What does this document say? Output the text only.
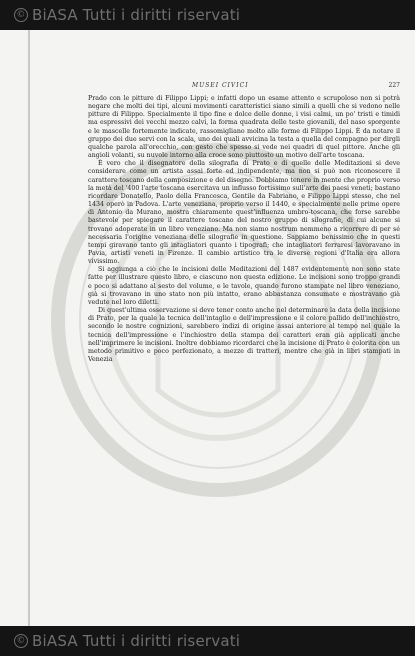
© BiASA Tutti i diritti riservati
MUSEI CIVICI	227

Prado con le pitture di Filippo Lippi; e infatti dopo un esame attento e scrupoloso non si potrà negare che molti dei tipi, alcuni movimenti caratteristici siano simili a quelli che si vedono nelle pitture di Filippo. Specialmente il tipo fine e dolce delle donne, i visi calmi, un po' tristi e timidi ma espressivi dei vecchi mezzo calvi, la forma quadrata delle teste giovanili, del naso sporgente e le mascelle fortemente indicate, rassomigliano molto alle forme di Filippo Lippi. È da notare il gruppo dei due servi con la scala, uno dei quali avvicina la testa a quella del compagno per dirgli qualche parola all'orecchio, con gesto che spesso si vede nei quadri di quel pittore. Anche gli angioli volanti, su nuvole intorno alla croce sono piuttosto un motivo dell'arte toscana.

È vero che il disegnatore della silografia di Prato e di quelle delle Meditazioni si deve considerare come un artista assai forte ed indipendente, ma non si può non riconoscere il carattere toscano della composizione e del disegno. Dobbiamo tenere in mente che proprio verso la metà del '400 l'arte toscana esercitava un influsso fortissimo sull'arte dei paesi veneti; bastano ricordare Donatello, Paolo della Francesca, Gentile da Fabriano, e Filippo Lippi stesso, che nel 1434 operò in Padova. L'arte veneziana, proprio verso il 1440, e specialmente nelle prime opere di Antonio da Murano, mostra chiaramente quest'influenza umbro-toscana, che forse sarebbe bastevole per spiegare il carattere toscano del nostro gruppo di silografie, di cui alcune si trovano adoperate in un libro veneziano. Ma non siamo nostrum nemmeno a ricorrere di per sé necessaria l'origine veneziana delle silografie in questione. Sappiamo benissimo che in questi tempi giravano tanto gli intagliatori quanto i tipografi; che intagliatori ferraresi lavoravano in Pavia, artisti veneti in Firenze. Il cambio artistico tra le diverse regioni d'Italia era allora vivissimo.

Si aggiunga a ciò che le incisioni delle Meditazioni del 1487 evidentemente non sono state fatte per illustrare questo libro, e ciascuno non questa edizione. Le incisioni sono troppo grandi e poco si adattano al sesto del volume, e le tavole, quando furono stampate nel libro veneziano, già si trovavano in uno stato non più intatto, erano abbastanza consumate e mostravano già vedute nel loro diletti.

Di quest'ultima osservazione si deve tener conto anche nel determinare la data della incisione di Prato, per la quale la tecnica dell'intaglio e dell'impressione e il colore pallido dell'inchiostro, secondo le nostre cognizioni, sarebbero indizi di origine assai anteriore al tempo nel quale la tecnica dell'impressione e l'inchiostro della stampa dei caratteri eran già applicati anche nell'imprimere le incisioni. Inoltre dobbiamo ricordarci che la incisione di Prato è colorita con un metodo primitivo e poco perfezionato, a mezze di tratteri, mentre che già in libri stampati in Venezia

© BiASA Tutti i diritti riservati
